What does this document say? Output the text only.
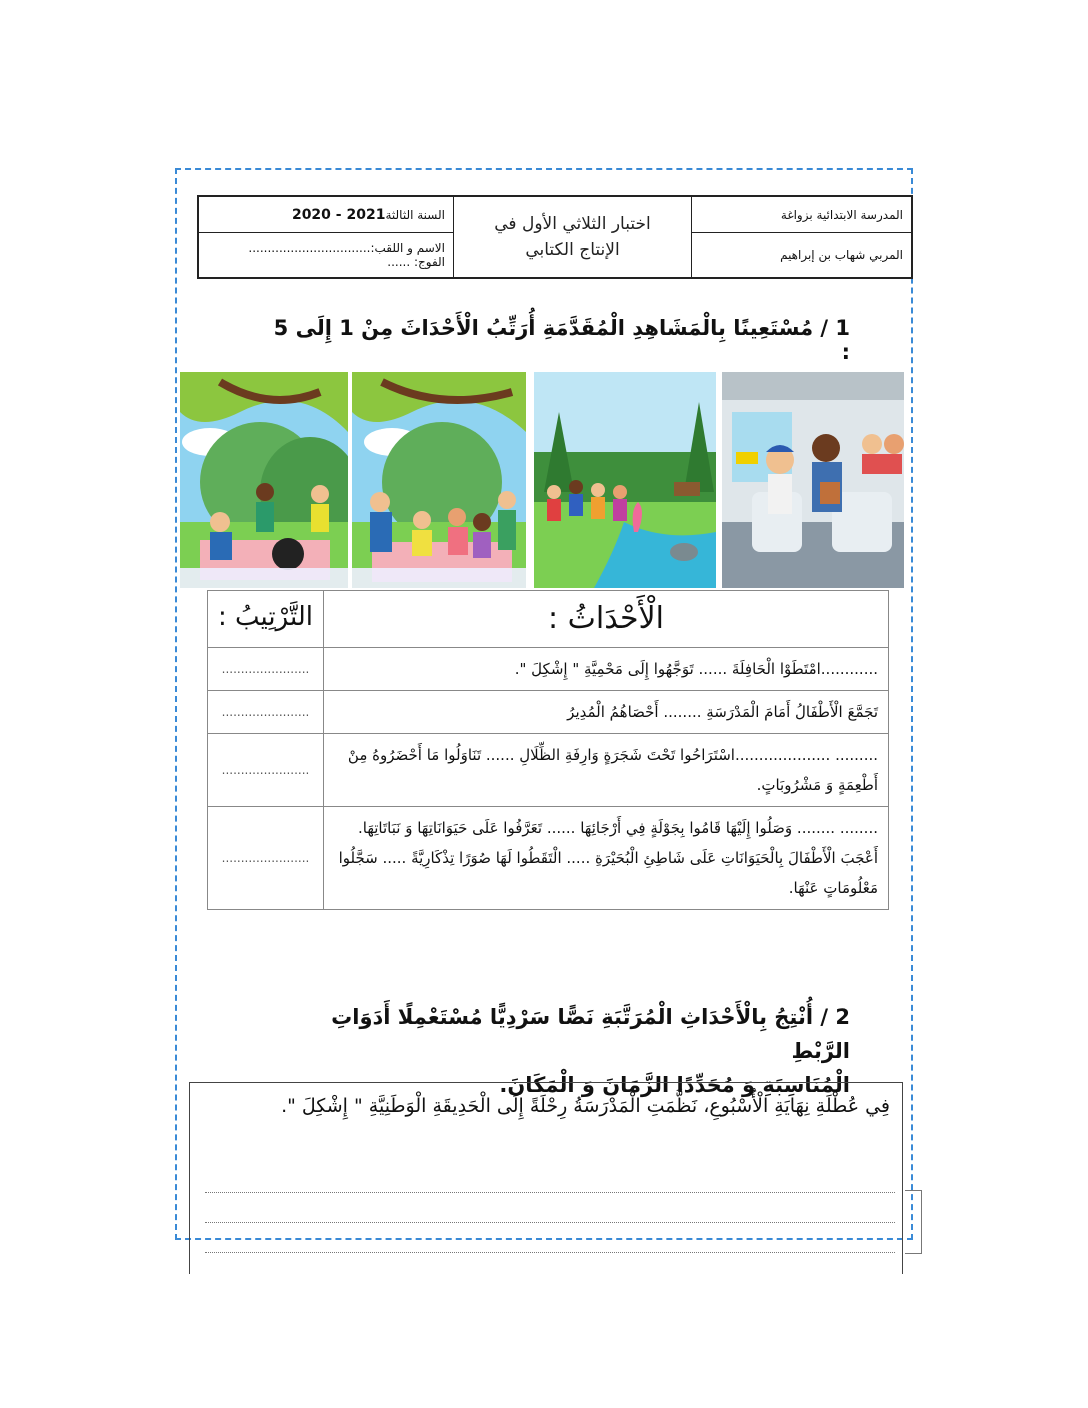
السنة الثالثة
2021 - 2020
الاسم و اللقب:................................
الفوج: ......
اختبار الثلاثي الأول في
الإنتاج الكتابي
المدرسة الابتدائية بزواغة
المربي شهاب بن إبراهيم
1 / مُسْتَعِينًا بِالْمَشَاهِدِ الْمُقَدَّمَةِ أُرَتِّبُ الْأَحْدَاثَ مِنْ 1 إِلَى 5 :
الْأَحْدَاثُ :	التَّرْتِيبُ :
............امْتَطَوْا الْحَافِلَةَ ...... تَوَجَّهُوا إِلَى مَحْمِيَّةِ " إِشْكِلَ ".	.......................
تَجَمَّعَ الْأَطْفَالُ أَمَامَ الْمَدْرَسَةِ ........ أَحْصَاهُمُ الْمُدِيرُ	.......................
......... ....................اسْتَرَاحُوا تَحْتَ شَجَرَةٍ وَارِفَةِ الظِّلَالِ ...... تَنَاوَلُوا مَا أَحْضَرُوهُ مِنْ أَطْعِمَةٍ وَ مَشْرُوبَاتٍ.	.......................
........ ........ وَصَلُوا إِلَيْهَا قَامُوا بِجَوْلَةٍ فِي أَرْجَائِهَا ...... تَعَرَّفُوا عَلَى حَيَوَانَاتِهَا وَ نَبَاتَاتِهَا. أَعْجَبَ الْأَطْفَالَ بِالْحَيَوَانَاتِ عَلَى شَاطِئِ الْبُحَيْرَةِ ..... الْتَقَطُوا لَهَا صُوَرًا تِذْكَارِيَّةً ..... سَجَّلُوا مَعْلُومَاتٍ عَنْهَا.	.......................
2 / أُنْتِجُ بِالْأَحْدَاثِ الْمُرَتَّبَةِ نَصًّا سَرْدِيًّا مُسْتَعْمِلًا أَدَوَاتِ الرَّبْطِ
الْمُنَاسِبَةِ وَ مُحَدِّدًا الزَّمَانَ وَ الْمَكَانَ.
فِي عُطْلَةِ نِهَايَةِ الْأُسْبُوعِ، نَظَّمَتِ الْمَدْرَسَةُ رِحْلَةً إِلَى الْحَدِيقَةِ الْوَطَنِيَّةِ " إِشْكِلَ ".
